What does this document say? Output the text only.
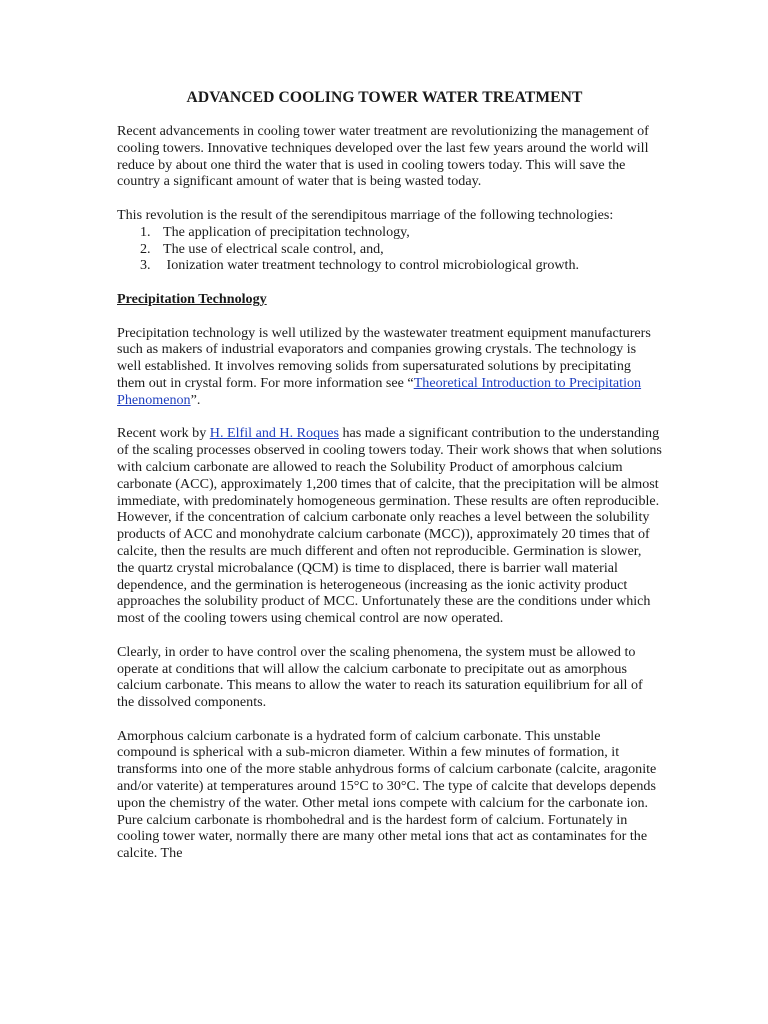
ADVANCED COOLING TOWER WATER TREATMENT

Recent advancements in cooling tower water treatment are revolutionizing the management of cooling towers. Innovative techniques developed over the last few years around the world will reduce by about one third the water that is used in cooling towers today. This will save the country a significant amount of water that is being wasted today.

This revolution is the result of the serendipitous marriage of the following technologies:
1. The application of precipitation technology,
2. The use of electrical scale control, and,
3. Ionization water treatment technology to control microbiological growth.
Precipitation Technology

Precipitation technology is well utilized by the wastewater treatment equipment manufacturers such as makers of industrial evaporators and companies growing crystals. The technology is well established. It involves removing solids from supersaturated solutions by precipitating them out in crystal form. For more information see “Theoretical Introduction to Precipitation Phenomenon”.

Recent work by H. Elfil and H. Roques has made a significant contribution to the understanding of the scaling processes observed in cooling towers today. Their work shows that when solutions with calcium carbonate are allowed to reach the Solubility Product of amorphous calcium carbonate (ACC), approximately 1,200 times that of calcite, that the precipitation will be almost immediate, with predominately homogeneous germination. These results are often reproducible. However, if the concentration of calcium carbonate only reaches a level between the solubility products of ACC and monohydrate calcium carbonate (MCC)), approximately 20 times that of calcite, then the results are much different and often not reproducible. Germination is slower, the quartz crystal microbalance (QCM) is time to displaced, there is barrier wall material dependence, and the germination is heterogeneous (increasing as the ionic activity product approaches the solubility product of MCC. Unfortunately these are the conditions under which most of the cooling towers using chemical control are now operated.

Clearly, in order to have control over the scaling phenomena, the system must be allowed to operate at conditions that will allow the calcium carbonate to precipitate out as amorphous calcium carbonate. This means to allow the water to reach its saturation equilibrium for all of the dissolved components.

Amorphous calcium carbonate is a hydrated form of calcium carbonate. This unstable compound is spherical with a sub-micron diameter. Within a few minutes of formation, it transforms into one of the more stable anhydrous forms of calcium carbonate (calcite, aragonite and/or vaterite) at temperatures around 15°C to 30°C. The type of calcite that develops depends upon the chemistry of the water. Other metal ions compete with calcium for the carbonate ion. Pure calcium carbonate is rhombohedral and is the hardest form of calcium. Fortunately in cooling tower water, normally there are many other metal ions that act as contaminates for the calcite. The
